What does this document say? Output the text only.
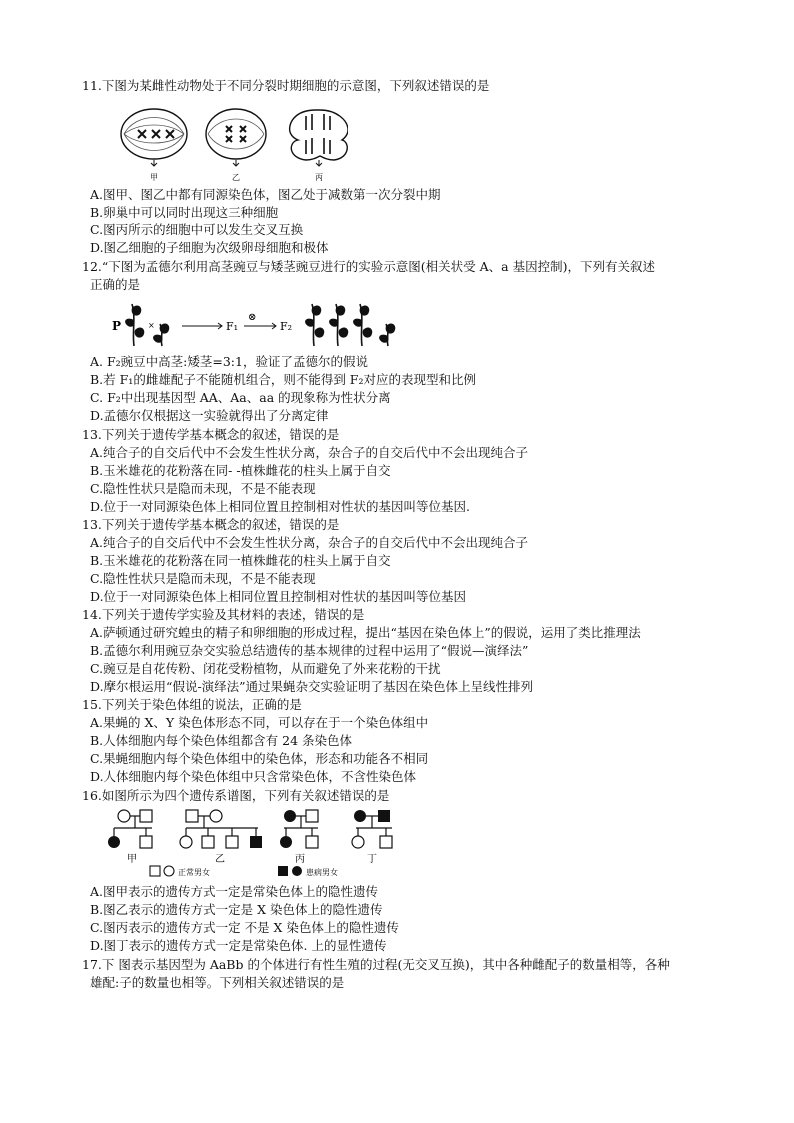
11.下图为某雌性动物处于不同分裂时期细胞的示意图，下列叙述错误的是
甲	乙	丙
A.图甲、图乙中都有同源染色体，图乙处于减数第一次分裂中期
B.卵巢中可以同时出现这三种细胞
C.图丙所示的细胞中可以发生交叉互换
D.图乙细胞的子细胞为次级卵母细胞和极体
12.“下图为孟德尔利用高茎豌豆与矮茎豌豆进行的实验示意图(相关状受 A、a 基因控制)，下列有关叙述
正确的是
P	×	F₁
⊗
F₂
A. F₂豌豆中高茎:矮茎=3:1，验证了孟德尔的假说
B.若 F₁的雌雄配子不能随机组合，则不能得到 F₂对应的表现型和比例
C. F₂中出现基因型 AA、Aa、aa 的现象称为性状分离
D.孟德尔仅根据这一实验就得出了分离定律
13.下列关于遗传学基本概念的叙述，错误的是
A.纯合子的自交后代中不会发生性状分离，杂合子的自交后代中不会出现纯合子
B.玉米雄花的花粉落在同- -植株雌花的柱头上属于自交
C.隐性性状只是隐而未现，不是不能表现
D.位于一对同源染色体上相同位置且控制相对性状的基因叫等位基因.
13.下列关于遗传学基本概念的叙述，错误的是
A.纯合子的自交后代中不会发生性状分离，杂合子的自交后代中不会出现纯合子
B.玉米雄花的花粉落在同一植株雌花的柱头上属于自交
C.隐性性状只是隐而未现，不是不能表现
D.位于一对同源染色体上相同位置且控制相对性状的基因叫等位基因
14.下列关于遗传学实验及其材料的表述，错误的是
A.萨顿通过研究蝗虫的精子和卵细胞的形成过程，提出“基因在染色体上”的假说，运用了类比推理法
B.孟德尔利用豌豆杂交实验总结遗传的基本规律的过程中运用了“假说—演绎法”
C.豌豆是自花传粉、闭花受粉植物，从而避免了外来花粉的干扰
D.摩尔根运用“假说-演绎法”通过果蝇杂交实验证明了基因在染色体上呈线性排列
15.下列关于染色体组的说法，正确的是
A.果蝇的 X、Y 染色体形态不同，可以存在于一个染色体组中
B.人体细胞内每个染色体组都含有 24 条染色体
C.果蝇细胞内每个染色体组中的染色体，形态和功能各不相同
D.人体细胞内每个染色体组中只含常染色体，不含性染色体
16.如图所示为四个遗传系谱图，下列有关叙述错误的是
甲	乙	丙	丁
正常男女	患病男女
A.图甲表示的遗传方式一定是常染色体上的隐性遗传
B.图乙表示的遗传方式一定是 X 染色体上的隐性遗传
C.图丙表示的遗传方式一定 不是 X 染色体上的隐性遗传
D.图丁表示的遗传方式一定是常染色体. 上的显性遗传
17.下 图表示基因型为 AaBb 的个体进行有性生殖的过程(无交叉互换)，其中各种雌配子的数量相等，各种
雄配:子的数量也相等。下列相关叙述错误的是
